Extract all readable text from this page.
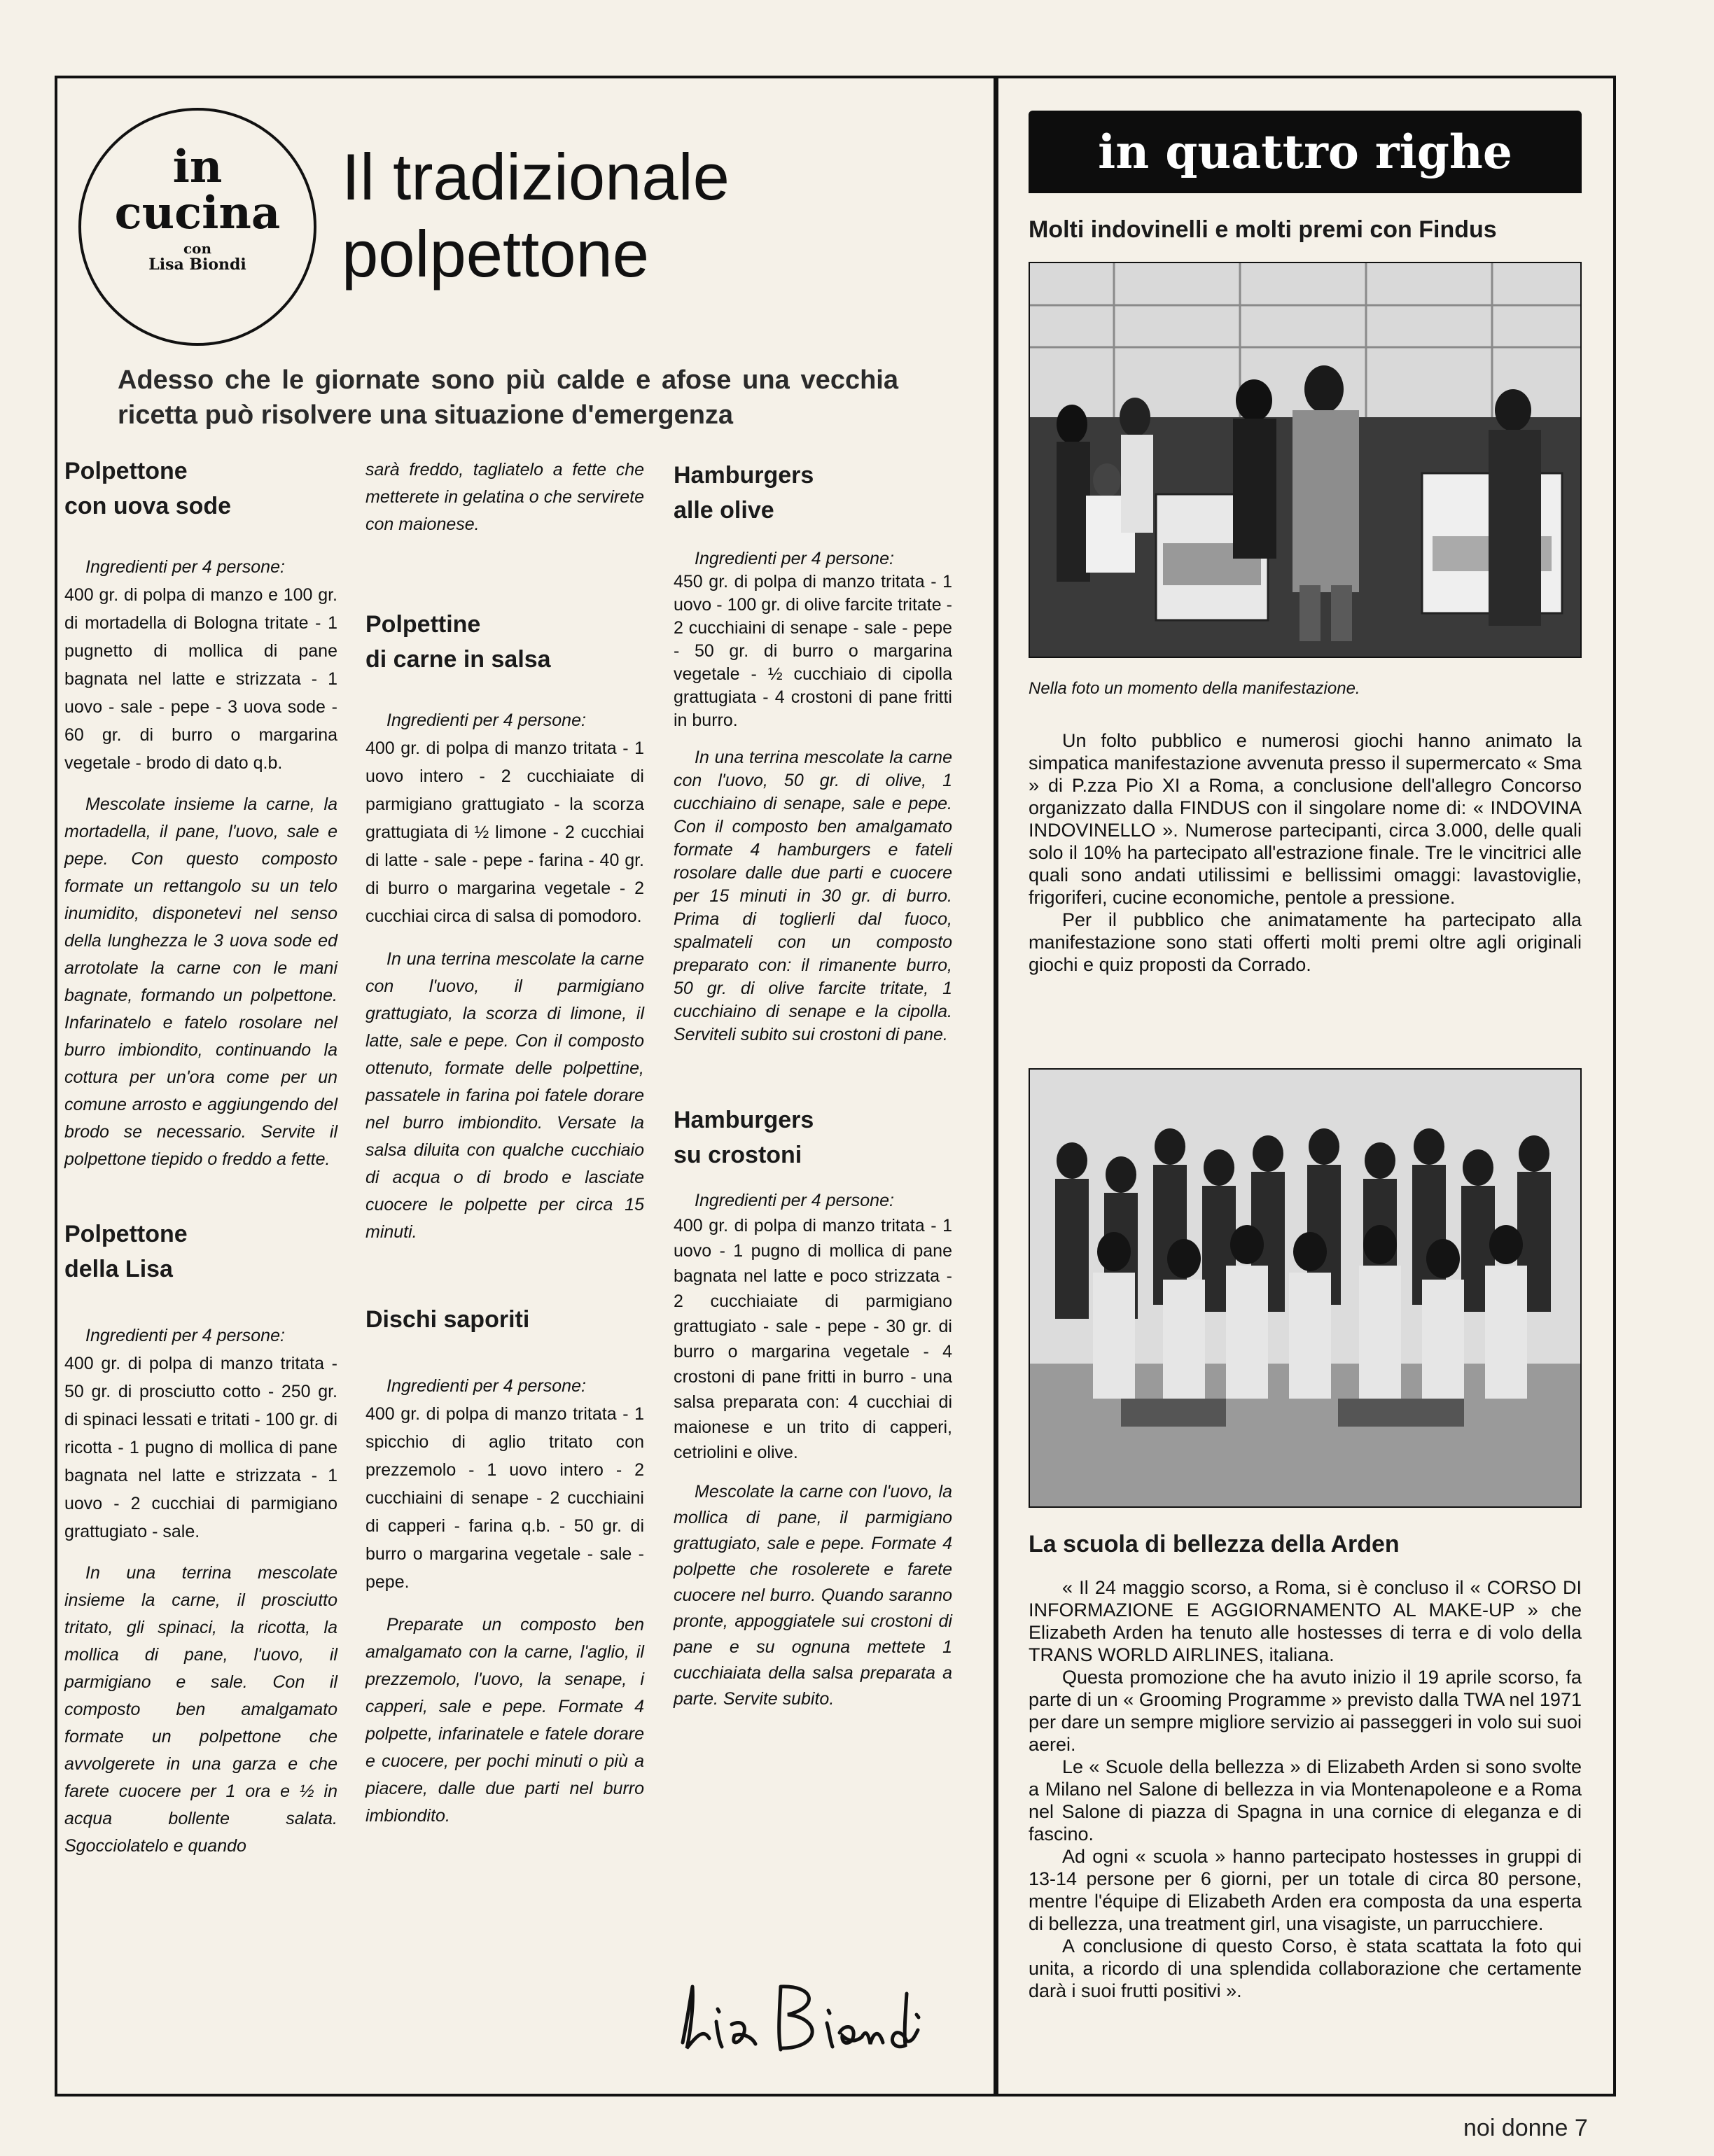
in
cucina
con
Lisa Biondi
Il tradizionale
polpettone
Adesso che le giornate sono più calde e afose una vecchia ricetta può risolvere una situazione d'emergenza
Polpettone
con uova sode
Ingredienti per 4 persone:
400 gr. di polpa di manzo e 100 gr. di mortadella di Bologna tritate - 1 pugnetto di mollica di pane bagnata nel latte e strizzata - 1 uovo - sale - pepe - 3 uova sode - 60 gr. di burro o margarina vegetale - brodo di dato q.b.

Mescolate insieme la carne, la mortadella, il pane, l'uovo, sale e pepe. Con questo composto formate un rettangolo su un telo inumidito, disponetevi nel senso della lunghezza le 3 uova sode ed arrotolate la carne con le mani bagnate, formando un polpettone. Infarinatelo e fatelo rosolare nel burro imbiondito, continuando la cottura per un'ora come per un comune arrosto e aggiungendo del brodo se necessario. Servite il polpettone tiepido o freddo a fette.

Polpettone
della Lisa
Ingredienti per 4 persone:
400 gr. di polpa di manzo tritata - 50 gr. di prosciutto cotto - 250 gr. di spinaci lessati e tritati - 100 gr. di ricotta - 1 pugno di mollica di pane bagnata nel latte e strizzata - 1 uovo - 2 cucchiai di parmigiano grattugiato - sale.

In una terrina mescolate insieme la carne, il prosciutto tritato, gli spinaci, la ricotta, la mollica di pane, l'uovo, il parmigiano e sale. Con il composto ben amalgamato formate un polpettone che avvolgerete in una garza e che farete cuocere per 1 ora e ½ in acqua bollente salata. Sgocciolatelo e quando

sarà freddo, tagliatelo a fette che metterete in gelatina o che servirete con maionese.

Polpettine
di carne in salsa
Ingredienti per 4 persone:
400 gr. di polpa di manzo tritata - 1 uovo intero - 2 cucchiaiate di parmigiano grattugiato - la scorza grattugiata di ½ limone - 2 cucchiai di latte - sale - pepe - farina - 40 gr. di burro o margarina vegetale - 2 cucchiai circa di salsa di pomodoro.

In una terrina mescolate la carne con l'uovo, il parmigiano grattugiato, la scorza di limone, il latte, sale e pepe. Con il composto ottenuto, formate delle polpettine, passatele in farina poi fatele dorare nel burro imbiondito. Versate la salsa diluita con qualche cucchiaio di acqua o di brodo e lasciate cuocere le polpette per circa 15 minuti.

Dischi saporiti
Ingredienti per 4 persone:
400 gr. di polpa di manzo tritata - 1 spicchio di aglio tritato con prezzemolo - 1 uovo intero - 2 cucchiaini di senape - 2 cucchiaini di capperi - farina q.b. - 50 gr. di burro o margarina vegetale - sale - pepe.

Preparate un composto ben amalgamato con la carne, l'aglio, il prezzemolo, l'uovo, la senape, i capperi, sale e pepe. Formate 4 polpette, infarinatele e fatele dorare e cuocere, per pochi minuti o più a piacere, dalle due parti nel burro imbiondito.

Hamburgers
alle olive
Ingredienti per 4 persone:
450 gr. di polpa di manzo tritata - 1 uovo - 100 gr. di olive farcite tritate - 2 cucchiaini di senape - sale - pepe - 50 gr. di burro o margarina vegetale - ½ cucchiaio di cipolla grattugiata - 4 crostoni di pane fritti in burro.

In una terrina mescolate la carne con l'uovo, 50 gr. di olive, 1 cucchiaino di senape, sale e pepe. Con il composto ben amalgamato formate 4 hamburgers e fateli rosolare dalle due parti e cuocere per 15 minuti in 30 gr. di burro. Prima di toglierli dal fuoco, spalmateli con un composto preparato con: il rimanente burro, 50 gr. di olive farcite tritate, 1 cucchiaino di senape e la cipolla. Serviteli subito sui crostoni di pane.

Hamburgers
su crostoni
Ingredienti per 4 persone:
400 gr. di polpa di manzo tritata - 1 uovo - 1 pugno di mollica di pane bagnata nel latte e poco strizzata - 2 cucchiaiate di parmigiano grattugiato - sale - pepe - 30 gr. di burro o margarina vegetale - 4 crostoni di pane fritti in burro - una salsa preparata con: 4 cucchiai di maionese e un trito di capperi, cetriolini e olive.

Mescolate la carne con l'uovo, la mollica di pane, il parmigiano grattugiato, sale e pepe. Formate 4 polpette che rosolerete e farete cuocere nel burro. Quando saranno pronte, appoggiatele sui crostoni di pane e su ognuna mettete 1 cucchiaiata della salsa preparata a parte. Servite subito.

in quattro righe
Molti indovinelli e molti premi con Findus
Nella foto un momento della manifestazione.

Un folto pubblico e numerosi giochi hanno animato la simpatica manifestazione avvenuta presso il supermercato « Sma » di P.zza Pio XI a Roma, a conclusione dell'allegro Concorso organizzato dalla FINDUS con il singolare nome di: « INDOVINA INDOVINELLO ». Numerose partecipanti, circa 3.000, delle quali solo il 10% ha partecipato all'estrazione finale. Tre le vincitrici alle quali sono andati utilissimi e bellissimi omaggi: lavastoviglie, frigoriferi, cucine economiche, pentole a pressione.

Per il pubblico che animatamente ha partecipato alla manifestazione sono stati offerti molti premi oltre agli originali giochi e quiz proposti da Corrado.

La scuola di bellezza della Arden

« Il 24 maggio scorso, a Roma, si è concluso il « CORSO DI INFORMAZIONE E AGGIORNAMENTO AL MAKE-UP » che Elizabeth Arden ha tenuto alle hostesses di terra e di volo della TRANS WORLD AIRLINES, italiana.

Questa promozione che ha avuto inizio il 19 aprile scorso, fa parte di un « Grooming Programme » previsto dalla TWA nel 1971 per dare un sempre migliore servizio ai passeggeri in volo sui suoi aerei.

Le « Scuole della bellezza » di Elizabeth Arden si sono svolte a Milano nel Salone di bellezza in via Montenapoleone e a Roma nel Salone di piazza di Spagna in una cornice di eleganza e di fascino.

Ad ogni « scuola » hanno partecipato hostesses in gruppi di 13-14 persone per 6 giorni, per un totale di circa 80 persone, mentre l'équipe di Elizabeth Arden era composta da una esperta di bellezza, una treatment girl, una visagiste, un parrucchiere.

A conclusione di questo Corso, è stata scattata la foto qui unita, a ricordo di una splendida collaborazione che certamente darà i suoi frutti positivi ».

noi donne 7
